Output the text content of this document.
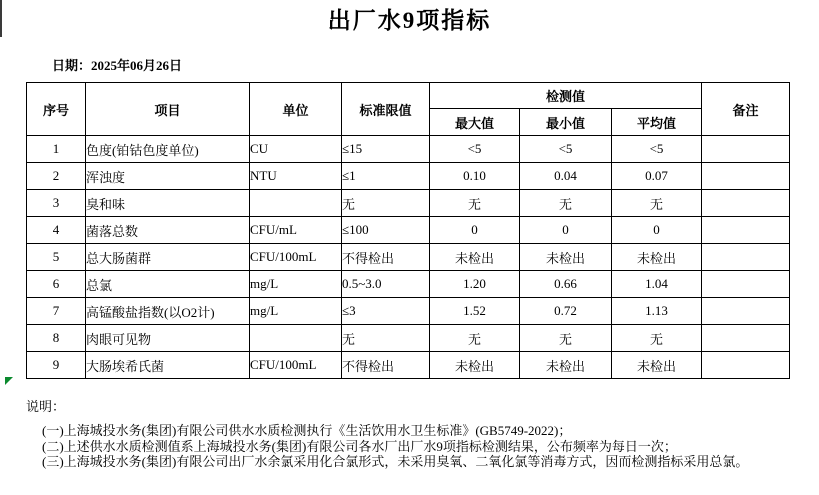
出厂水9项指标
日期：2025年06月26日
序号	项目	单位	标准限值	检测值			备注
				最大值	最小值	平均值	
1	色度(铂钴色度单位)	CU	≤15	<5	<5	<5	
2	浑浊度	NTU	≤1	0.10	0.04	0.07	
3	臭和味		无	无	无	无	
4	菌落总数	CFU/mL	≤100	0	0	0	
5	总大肠菌群	CFU/100mL	不得检出	未检出	未检出	未检出	
6	总氯	mg/L	0.5~3.0	1.20	0.66	1.04	
7	高锰酸盐指数(以O2计)	mg/L	≤3	1.52	0.72	1.13	
8	肉眼可见物		无	无	无	无	
9	大肠埃希氏菌	CFU/100mL	不得检出	未检出	未检出	未检出	
说明：
(一)上海城投水务(集团)有限公司供水水质检测执行《生活饮用水卫生标准》(GB5749-2022)；
(二)上述供水水质检测值系上海城投水务(集团)有限公司各水厂出厂水9项指标检测结果，公布频率为每日一次；
(三)上海城投水务(集团)有限公司出厂水余氯采用化合氯形式，未采用臭氧、二氧化氯等消毒方式，因而检测指标采用总氯。
